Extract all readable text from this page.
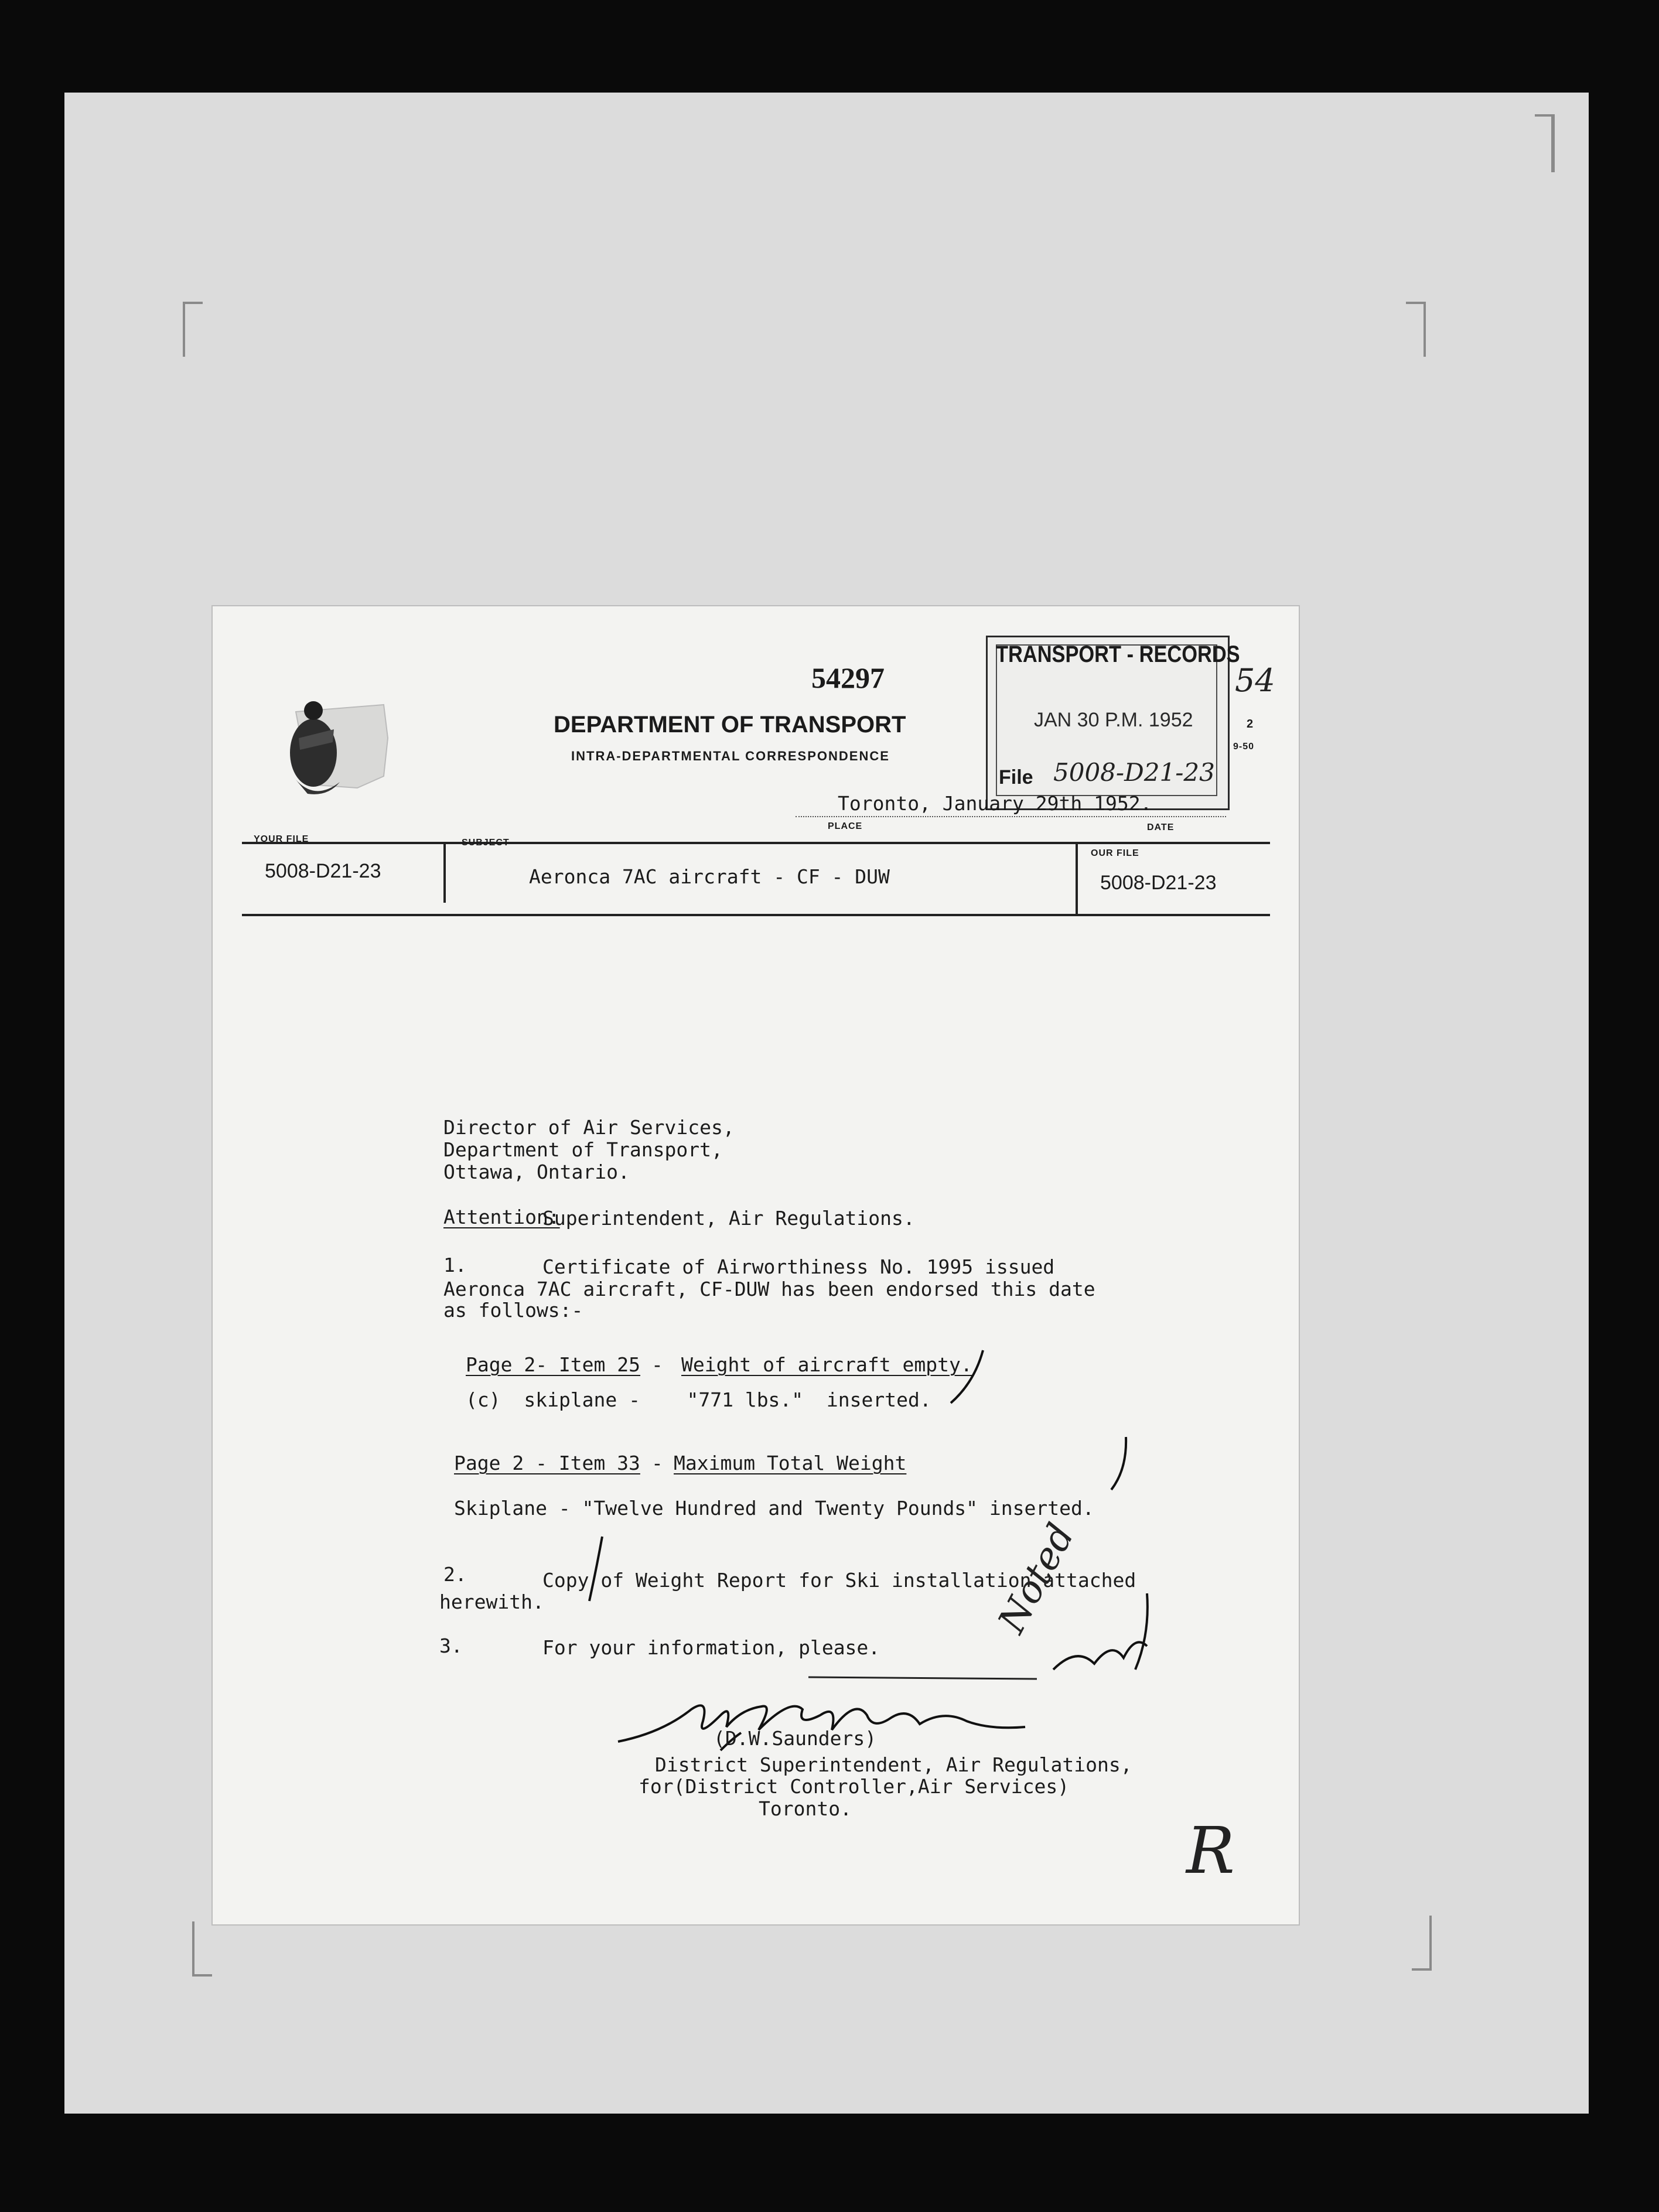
54297
DEPARTMENT OF TRANSPORT
INTRA-DEPARTMENTAL CORRESPONDENCE
TRANSPORT - RECORDS
JAN 30 P.M. 1952	2
9-50
File 5008-D21-23
54
Toronto, January 29th 1952.
PLACE	DATE
YOUR FILE
5008-D21-23
SUBJECT
Aeronca 7AC aircraft - CF - DUW
OUR FILE
5008-D21-23
Director of Air Services,
Department of Transport,
Ottawa, Ontario.
Attention:
Superintendent, Air Regulations.
1.	Certificate of Airworthiness No. 1995 issued
Aeronca 7AC aircraft, CF-DUW has been endorsed this date
as follows:-
Page 2- Item 25 - Weight of aircraft empty.
(c)  skiplane -    "771 lbs."  inserted.
Page 2 - Item 33 - Maximum Total Weight
Skiplane - "Twelve Hundred and Twenty Pounds" inserted.
2.	Copy of Weight Report for Ski installation attached
herewith.
3.	For your information, please.
Noted
(D.W.Saunders)
District Superintendent, Air Regulations,
for(District Controller,Air Services)
Toronto.
R
